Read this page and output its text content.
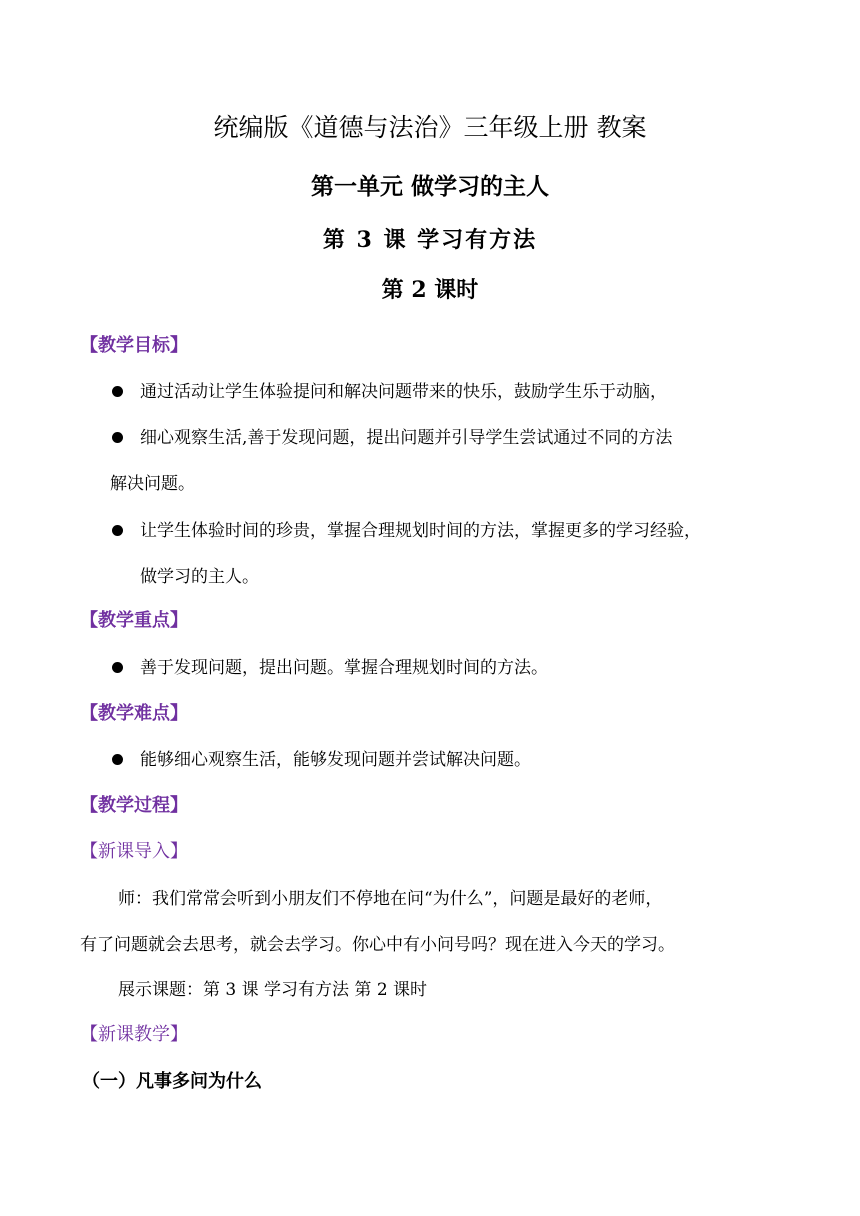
统编版《道德与法治》三年级上册 教案
第一单元 做学习的主人
第 3 课 学习有方法
第 2 课时
【教学目标】
通过活动让学生体验提问和解决问题带来的快乐，鼓励学生乐于动脑，
细心观察生活,善于发现问题，提出问题并引导学生尝试通过不同的方法
解决问题。
让学生体验时间的珍贵，掌握合理规划时间的方法，掌握更多的学习经验，
做学习的主人。
【教学重点】
善于发现问题，提出问题。掌握合理规划时间的方法。
【教学难点】
能够细心观察生活，能够发现问题并尝试解决问题。
【教学过程】
【新课导入】
师：我们常常会听到小朋友们不停地在问“为什么”，问题是最好的老师，
有了问题就会去思考，就会去学习。你心中有小问号吗？现在进入今天的学习。
展示课题：第 3 课 学习有方法 第 2 课时
【新课教学】
（一）凡事多问为什么
